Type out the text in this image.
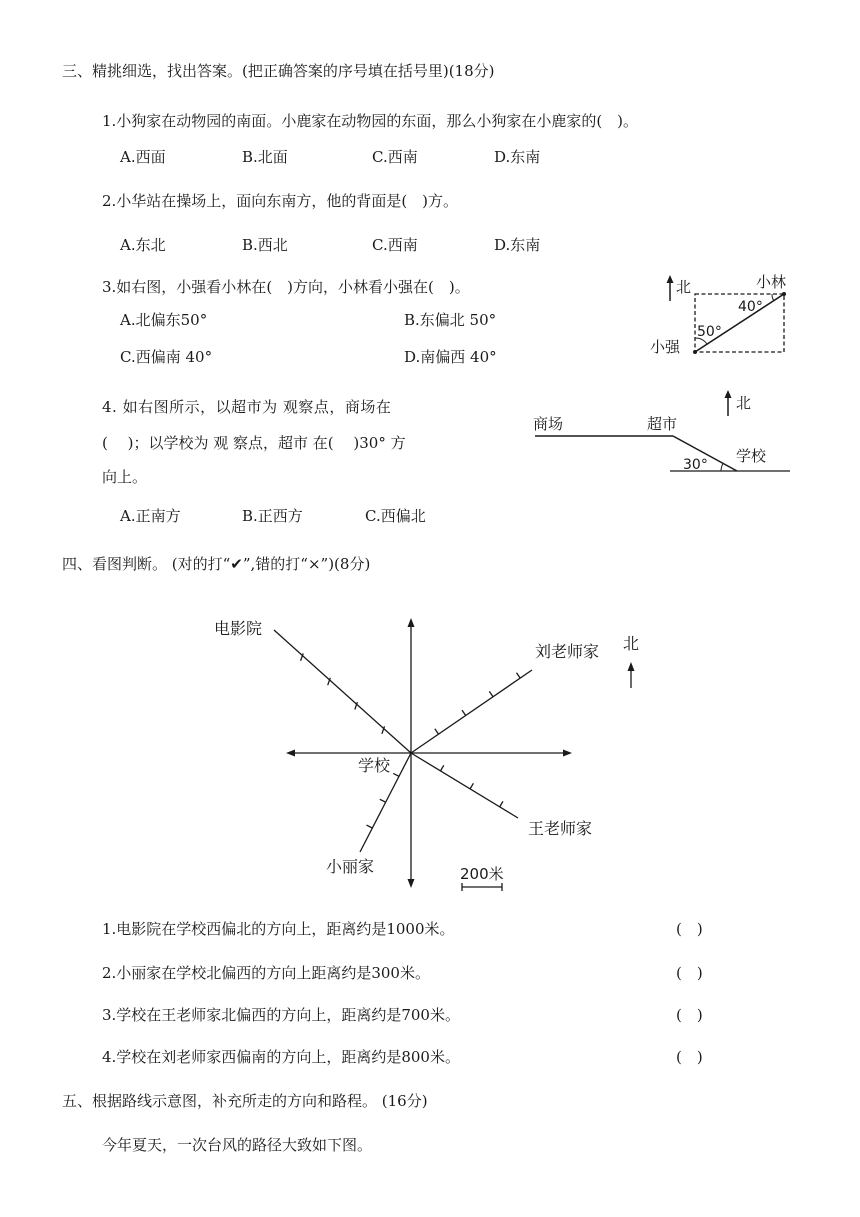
三、精挑细选，找出答案。(把正确答案的序号填在括号里)(18分)
1.小狗家在动物园的南面。小鹿家在动物园的东面，那么小狗家在小鹿家的(　)。
A.西面	B.北面	C.西南	D.东南
2.小华站在操场上，面向东南方，他的背面是(　)方。
A.东北	B.西北	C.西南	D.东南
3.如右图，小强看小林在(　)方向，小林看小强在(　)。
A.北偏东50°	B.东偏北 50°
C.西偏南 40°	D.南偏西 40°
北	小林
40°
50°
小强
4. 如右图所示，以超市为 观察点，商场在
(　 )；以学校为 观 察点，超市 在(　 )30° 方
向上。
A.正南方	B.正西方	C.西偏北
北
商场	超市
学校
30°
四、看图判断。 (对的打“✔”,错的打“×”)(8分)
电影院
刘老师家 北
学校
王老师家
小丽家	200米
1.电影院在学校西偏北的方向上，距离约是1000米。	(　)
2.小丽家在学校北偏西的方向上距离约是300米。	(　)
3.学校在王老师家北偏西的方向上，距离约是700米。	(　)
4.学校在刘老师家西偏南的方向上，距离约是800米。	(　)
五、根据路线示意图，补充所走的方向和路程。 (16分)
今年夏天，一次台风的路径大致如下图。
